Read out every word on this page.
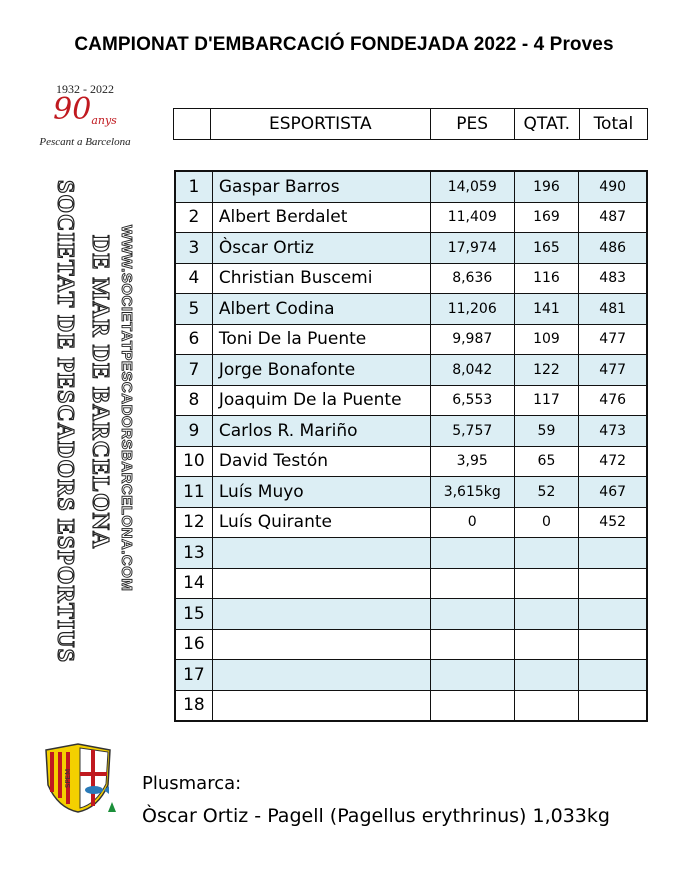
CAMPIONAT D'EMBARCACIÓ FONDEJADA 2022 - 4 Proves
1932 - 2022
$90_{anys}$
Pescant a Barcelona
SOCIETAT DE PESCADORS ESPORTIUS DE MAR DE BARCELONA WWW.SOCIETATPESCADORSBARCELONA.COM
SPEM
	ESPORTISTA	PES	QTAT.	Total
1	Gaspar Barros	14,059	196	490
2	Albert Berdalet	11,409	169	487
3	Òscar Ortiz	17,974	165	486
4	Christian Buscemi	8,636	116	483
5	Albert Codina	11,206	141	481
6	Toni De la Puente	9,987	109	477
7	Jorge Bonafonte	8,042	122	477
8	Joaquim De la Puente	6,553	117	476
9	Carlos R. Mariño	5,757	59	473
10	David Testón	3,95	65	472
11	Luís Muyo	3,615kg	52	467
12	Luís Quirante	0	0	452
13				
14				
15				
16				
17				
18				
Plusmarca:
Òscar Ortiz - Pagell (Pagellus erythrinus) 1,033kg
